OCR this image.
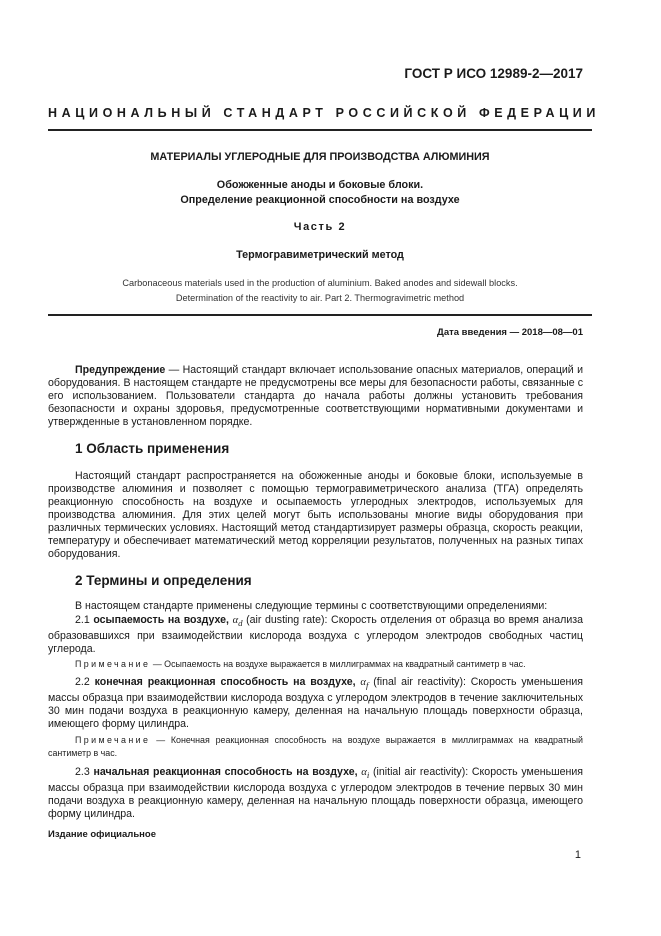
ГОСТ Р ИСО 12989-2—2017
НАЦИОНАЛЬНЫЙ СТАНДАРТ РОССИЙСКОЙ ФЕДЕРАЦИИ
МАТЕРИАЛЫ УГЛЕРОДНЫЕ ДЛЯ ПРОИЗВОДСТВА АЛЮМИНИЯ
Обожженные аноды и боковые блоки.
Определение реакционной способности на воздухе
Часть 2
Термогравиметрический метод
Carbonaceous materials used in the production of aluminium. Baked anodes and sidewall blocks.
Determination of the reactivity to air. Part 2. Thermogravimetric method
Дата введения — 2018—08—01
Предупреждение — Настоящий стандарт включает использование опасных материалов, операций и оборудования. В настоящем стандарте не предусмотрены все меры для безопасности работы, связанные с его использованием. Пользователи стандарта до начала работы должны установить требования безопасности и охраны здоровья, предусмотренные соответствующими нормативными документами и утвержденные в установленном порядке.
1 Область применения
Настоящий стандарт распространяется на обожженные аноды и боковые блоки, используемые в производстве алюминия и позволяет с помощью термогравиметрического анализа (ТГА) определять реакционную способность на воздухе и осыпаемость углеродных электродов, используемых для производства алюминия. Для этих целей могут быть использованы многие виды оборудования при различных термических условиях. Настоящий метод стандартизирует размеры образца, скорость реакции, температуру и обеспечивает математический метод корреляции результатов, полученных на разных типах оборудования.
2 Термины и определения
В настоящем стандарте применены следующие термины с соответствующими определениями:
2.1 осыпаемость на воздухе, $\alpha_d$ (air dusting rate): Скорость отделения от образца во время анализа образовавшихся при взаимодействии кислорода воздуха с углеродом электродов свободных частиц углерода.
Примечание — Осыпаемость на воздухе выражается в миллиграммах на квадратный сантиметр в час.
2.2 конечная реакционная способность на воздухе, $\alpha_f$ (final air reactivity): Скорость уменьшения массы образца при взаимодействии кислорода воздуха с углеродом электродов в течение заключительных 30 мин подачи воздуха в реакционную камеру, деленная на начальную площадь поверхности образца, имеющего форму цилиндра.
Примечание — Конечная реакционная способность на воздухе выражается в миллиграммах на квадратный сантиметр в час.
2.3 начальная реакционная способность на воздухе, $\alpha_i$ (initial air reactivity): Скорость уменьшения массы образца при взаимодействии кислорода воздуха с углеродом электродов в течение первых 30 мин подачи воздуха в реакционную камеру, деленная на начальную площадь поверхности образца, имеющего форму цилиндра.
Издание официальное
1
